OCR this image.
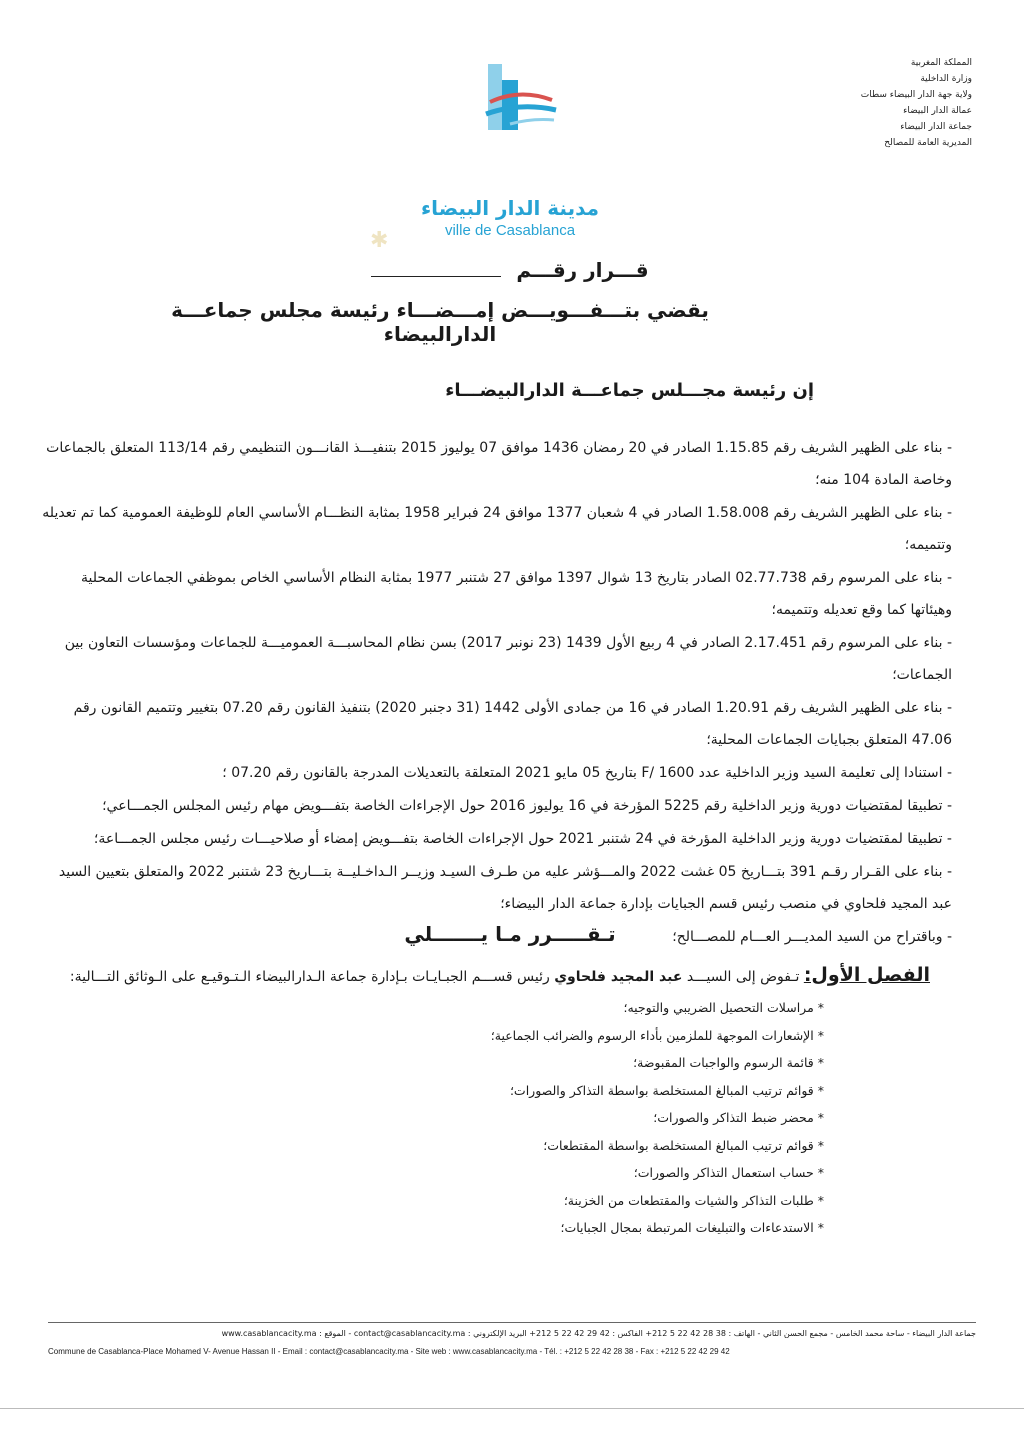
مدينة الدار البيضاء
ville de Casablanca
المملكة المغربية
وزارة الداخلية
ولاية جهة الدار البيضاء سطات
عمالة الدار البيضاء
جماعة الدار البيضاء
المديرية العامة للمصالح
✱
قـــرار رقـــم
يقضي بتـــفـــويـــض إمـــضـــاء رئيسة مجلس جماعـــة الدارالبيضاء
إن رئيسة مجـــلس جماعـــة الدارالبيضـــاء

- بناء على الظهير الشريف رقم 1.15.85 الصادر في 20 رمضان 1436 موافق 07 يوليوز 2015 بتنفيـــذ القانـــون التنظيمي رقم 113/14 المتعلق بالجماعات وخاصة المادة 104 منه؛

- بناء على الظهير الشريف رقم 1.58.008 الصادر في 4 شعبان 1377 موافق 24 فبراير 1958 بمثابة النظـــام الأساسي العام للوظيفة العمومية كما تم تعديله وتتميمه؛

- بناء على المرسوم رقم 02.77.738 الصادر بتاريخ 13 شوال 1397 موافق 27 شتنبر 1977 بمثابة النظام الأساسي الخاص بموظفي الجماعات المحلية وهيئاتها كما وقع تعديله وتتميمه؛

- بناء على المرسوم رقم 2.17.451 الصادر في 4 ربيع الأول 1439 (23 نونبر 2017) بسن نظام المحاسبـــة العموميـــة للجماعات ومؤسسات التعاون بين الجماعات؛

- بناء على الظهير الشريف رقم 1.20.91 الصادر في 16 من جمادى الأولى 1442 (31 دجنبر 2020) بتنفيذ القانون رقم 07.20 بتغيير وتتميم القانون رقم 47.06 المتعلق بجبايات الجماعات المحلية؛

- استنادا إلى تعليمة السيد وزير الداخلية عدد 1600 /F بتاريخ 05 مايو 2021 المتعلقة بالتعديلات المدرجة بالقانون رقم 07.20 ؛

- تطبيقا لمقتضيات دورية وزير الداخلية رقم 5225 المؤرخة في 16 يوليوز 2016 حول الإجراءات الخاصة بتفـــويض مهام رئيس المجلس الجمـــاعي؛

- تطبيقا لمقتضيات دورية وزير الداخلية المؤرخة في 24 شتنبر 2021 حول الإجراءات الخاصة بتفـــويض إمضاء أو صلاحيـــات رئيس مجلس الجمـــاعة؛

- بناء على القـرار رقـم 391 بتـــاريخ 05 غشت 2022 والمـــؤشر عليه من طـرف السيـد وزيــر الـداخـليــة بتـــاريخ 23 شتنبر 2022 والمتعلق بتعيين السيد عبد المجيد فلحاوي في منصب رئيس قسم الجبايات بإدارة جماعة الدار البيضاء؛

- وباقتراح من السيد المديـــر العـــام للمصـــالح؛

تـقـــــرر مـا يـــــــلي
الفصل الأول: تـفوض إلى السيـــد عبد المجيد فلحاوي رئيس قســـم الجبـايـات بـإدارة جماعة الـدارالبيضاء الـتـوقيـع على الـوثائق التـــالية:
* مراسلات التحصيل الضريبي والتوجيه؛
* الإشعارات الموجهة للملزمين بأداء الرسوم والضرائب الجماعية؛
* قائمة الرسوم والواجبات المقبوضة؛
* قوائم ترتيب المبالغ المستخلصة بواسطة التذاكر والصورات؛
* محضر ضبط التذاكر والصورات؛
* قوائم ترتيب المبالغ المستخلصة بواسطة المقتطعات؛
* حساب استعمال التذاكر والصورات؛
* طلبات التذاكر والشيات والمقتطعات من الخزينة؛
* الاستدعاءات والتبليغات المرتبطة بمجال الجبايات؛
جماعة الدار البيضاء - ساحة محمد الخامس - مجمع الحسن الثاني - الهاتف : 38 28 42 22 5 212+ الفاكس : 42 29 42 22 5 212+ البريد الإلكتروني : contact@casablancacity.ma - الموقع : www.casablancacity.ma
Commune de Casablanca-Place Mohamed V- Avenue Hassan II - Email : contact@casablancacity.ma - Site web : www.casablancacity.ma - Tél. : +212 5 22 42 28 38 - Fax : +212 5 22 42 29 42
